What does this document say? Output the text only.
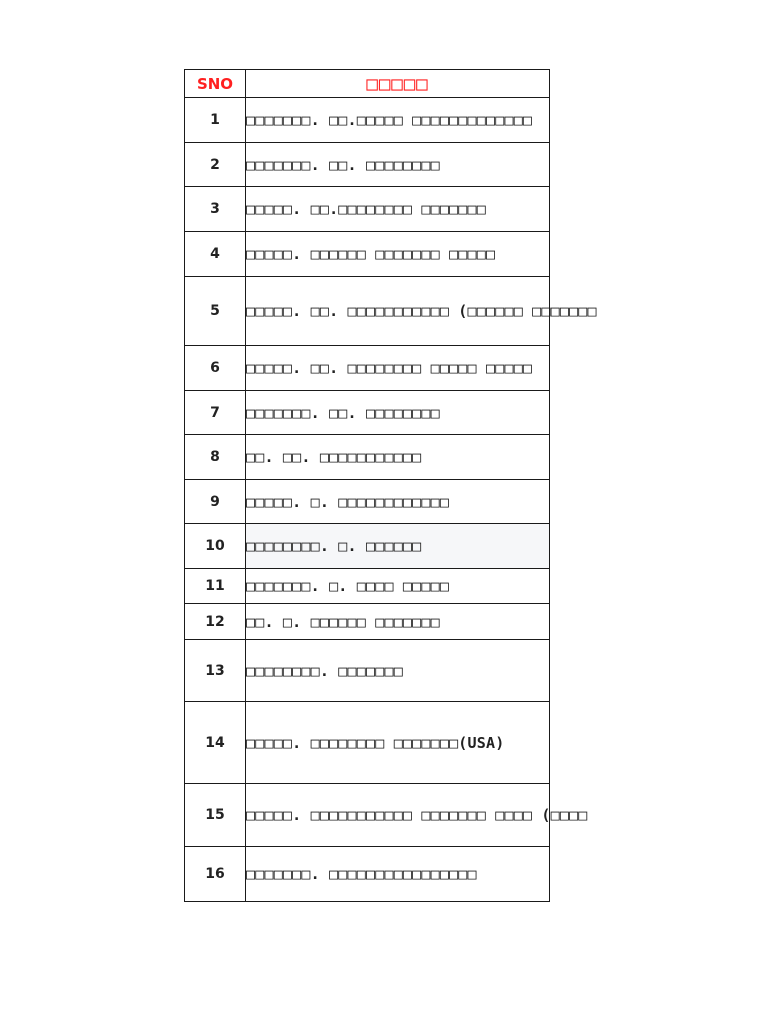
SNO	□□□□□
1	□□□□□□□. □□.□□□□□ □□□□□□□□□□□□□
2	□□□□□□□. □□. □□□□□□□□
3	□□□□□. □□.□□□□□□□□ □□□□□□□
4	□□□□□. □□□□□□ □□□□□□□ □□□□□
5	□□□□□. □□. □□□□□□□□□□□ (□□□□□□ □□□□□□□
6	□□□□□. □□. □□□□□□□□ □□□□□ □□□□□
7	□□□□□□□. □□. □□□□□□□□
8	□□. □□. □□□□□□□□□□□
9	□□□□□. □. □□□□□□□□□□□□
10	□□□□□□□□. □. □□□□□□
11	□□□□□□□. □. □□□□ □□□□□
12	□□. □. □□□□□□ □□□□□□□
13	□□□□□□□□. □□□□□□□
14	□□□□□. □□□□□□□□ □□□□□□□(USA)
15	□□□□□. □□□□□□□□□□□ □□□□□□□ □□□□ (□□□□
16	□□□□□□□. □□□□□□□□□□□□□□□□
